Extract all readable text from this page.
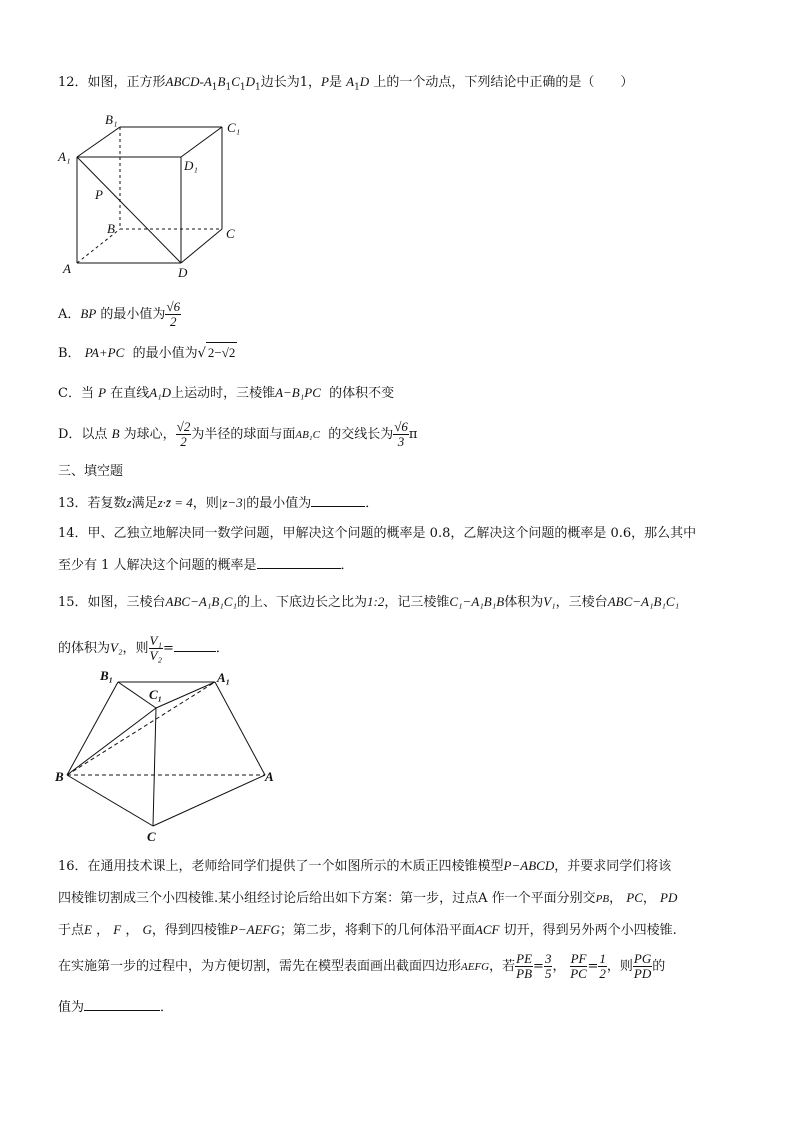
12．如图，正方形ABCD-$A_1B_1C_1D_1$边长为1，P是 $A_1D$ 上的一个动点，下列结论中正确的是（　　）
B₁
C₁
A₁
D₁
P
B	C
A	D
A．BP 的最小值为 $\frac{√6}{2}$
B． PA+PC 的最小值为√ 2−√2
C．当 P 在直线A₁D上运动时，三棱锥A−B₁PC 的体积不变
D．以点 B 为球心， $\frac{√2}{2}$ 为半径的球面与面AB₁C 的交线长为 $\frac{√6}{3}$ π
三、填空题
13．若复数z满足z·z̄ = 4，则|z−3|的最小值为	．
14．甲、乙独立地解决同一数学问题，甲解决这个问题的概率是 0.8，乙解决这个问题的概率是 0.6，那么其中
至少有 1 人解决这个问题的概率是	．
15．如图，三棱台ABC−A₁B₁C₁的上、下底边长之比为1:2，记三棱锥C₁−A₁B₁B体积为V₁，三棱台ABC−A₁B₁C₁
的体积为V₂，则 $\frac{\text{V₁}}{\text{V₂}}$ =	．
B₁
C₁
A₁
B	A
C
16．在通用技术课上，老师给同学们提供了一个如图所示的木质正四棱锥模型P−ABCD，并要求同学们将该
四棱锥切割成三个小四棱锥.某小组经讨论后给出如下方案：第一步，过点A 作一个平面分别交PB， PC， PD
于点E ， F ， G，得到四棱锥P−AEFG；第二步，将剩下的几何体沿平面ACF 切开，得到另外两个小四棱锥.
在实施第一步的过程中，为方便切割，需先在模型表面画出截面四边形AEFG，若 $\frac{PE}{PB} = \frac{3}{5}$ ， $\frac{PF}{PC} = \frac{1}{2}$ ，则 $\frac{PG}{PD}$ 的
值为	．
